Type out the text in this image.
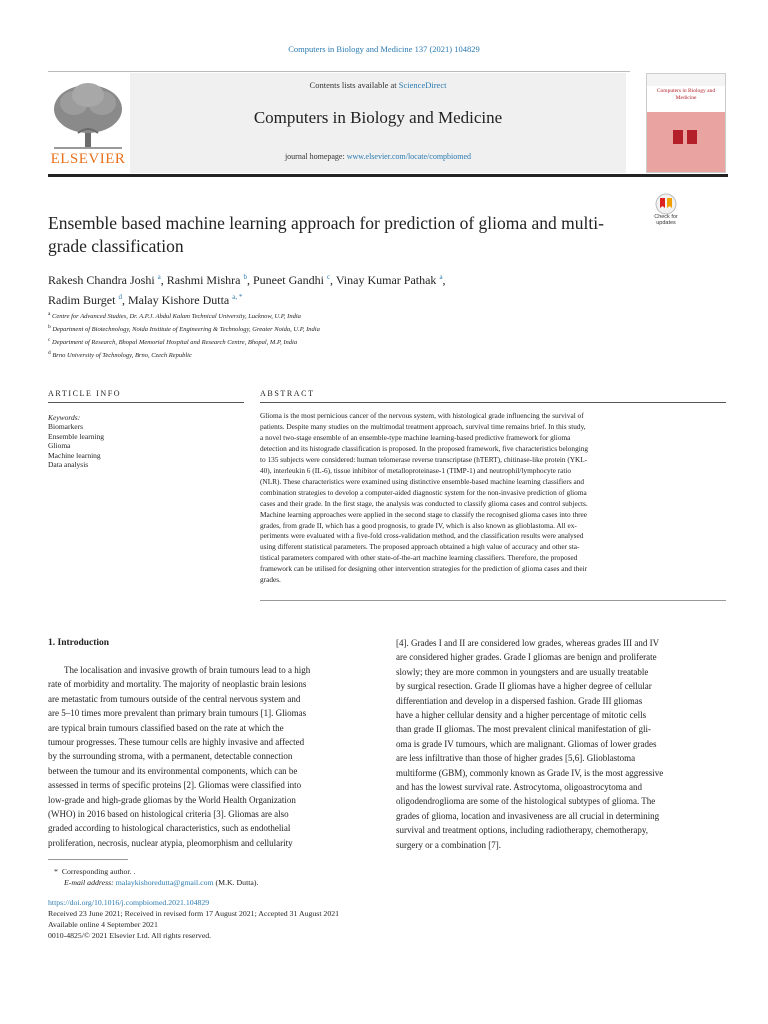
Computers in Biology and Medicine 137 (2021) 104829
ELSEVIER
Contents lists available at ScienceDirect
Computers in Biology and Medicine
journal homepage: www.elsevier.com/locate/compbiomed
Computers in Biology and Medicine
Ensemble based machine learning approach for prediction of glioma and multi-grade classification
Check for updates
Rakesh Chandra Joshi $^a$, Rashmi Mishra $^b$, Puneet Gandhi $^c$, Vinay Kumar Pathak $^a$,
Radim Burget $^d$, Malay Kishore Dutta $^{a, *}$
$^a$ Centre for Advanced Studies, Dr. A.P.J. Abdul Kalam Technical University, Lucknow, U.P, India
$^b$ Department of Biotechnology, Noida Institute of Engineering & Technology, Greater Noida, U.P, India
$^c$ Department of Research, Bhopal Memorial Hospital and Research Centre, Bhopal, M.P, India
$^d$ Brno University of Technology, Brno, Czech Republic
ARTICLE INFO	ABSTRACT
Keywords:
Biomarkers
Ensemble learning
Glioma
Machine learning
Data analysis
Glioma is the most pernicious cancer of the nervous system, with histological grade influencing the survival of
patients. Despite many studies on the multimodal treatment approach, survival time remains brief. In this study,
a novel two-stage ensemble of an ensemble-type machine learning-based predictive framework for glioma
detection and its histograde classification is proposed. In the proposed framework, five characteristics belonging
to 135 subjects were considered: human telomerase reverse transcriptase (hTERT), chitinase-like protein (YKL-
40), interleukin 6 (IL-6), tissue inhibitor of metalloproteinase-1 (TIMP-1) and neutrophil/lymphocyte ratio
(NLR). These characteristics were examined using distinctive ensemble-based machine learning classifiers and
combination strategies to develop a computer-aided diagnostic system for the non-invasive prediction of glioma
cases and their grade. In the first stage, the analysis was conducted to classify glioma cases and control subjects.
Machine learning approaches were applied in the second stage to classify the recognised glioma cases into three
grades, from grade II, which has a good prognosis, to grade IV, which is also known as glioblastoma. All ex-
periments were evaluated with a five-fold cross-validation method, and the classification results were analysed
using different statistical parameters. The proposed approach obtained a high value of accuracy and other sta-
tistical parameters compared with other state-of-the-art machine learning classifiers. Therefore, the proposed
framework can be utilised for designing other intervention strategies for the prediction of glioma cases and their
grades.
1. Introduction
The localisation and invasive growth of brain tumours lead to a high
rate of morbidity and mortality. The majority of neoplastic brain lesions
are metastatic from tumours outside of the central nervous system and
are 5–10 times more prevalent than primary brain tumours [1]. Gliomas
are typical brain tumours classified based on the rate at which the
tumour progresses. These tumour cells are highly invasive and affected
by the surrounding stroma, with a permanent, detectable connection
between the tumour and its environmental components, which can be
assessed in terms of specific proteins [2]. Gliomas were classified into
low-grade and high-grade gliomas by the World Health Organization
(WHO) in 2016 based on histological criteria [3]. Gliomas are also
graded according to histological characteristics, such as endothelial
proliferation, necrosis, nuclear atypia, pleomorphism and cellularity
[4]. Grades I and II are considered low grades, whereas grades III and IV
are considered higher grades. Grade I gliomas are benign and proliferate
slowly; they are more common in youngsters and are usually treatable
by surgical resection. Grade II gliomas have a higher degree of cellular
differentiation and develop in a dispersed fashion. Grade III gliomas
have a higher cellular density and a higher percentage of mitotic cells
than grade II gliomas. The most prevalent clinical manifestation of gli-
oma is grade IV tumours, which are malignant. Gliomas of lower grades
are less infiltrative than those of higher grades [5,6]. Glioblastoma
multiforme (GBM), commonly known as Grade IV, is the most aggressive
and has the lowest survival rate. Astrocytoma, oligoastrocytoma and
oligodendroglioma are some of the histological subtypes of glioma. The
grades of glioma, location and invasiveness are all crucial in determining
survival and treatment options, including radiotherapy, chemotherapy,
surgery or a combination [7].
* Corresponding author. .
E-mail address: malaykishoredutta@gmail.com (M.K. Dutta).
https://doi.org/10.1016/j.compbiomed.2021.104829
Received 23 June 2021; Received in revised form 17 August 2021; Accepted 31 August 2021
Available online 4 September 2021
0010-4825/© 2021 Elsevier Ltd. All rights reserved.
